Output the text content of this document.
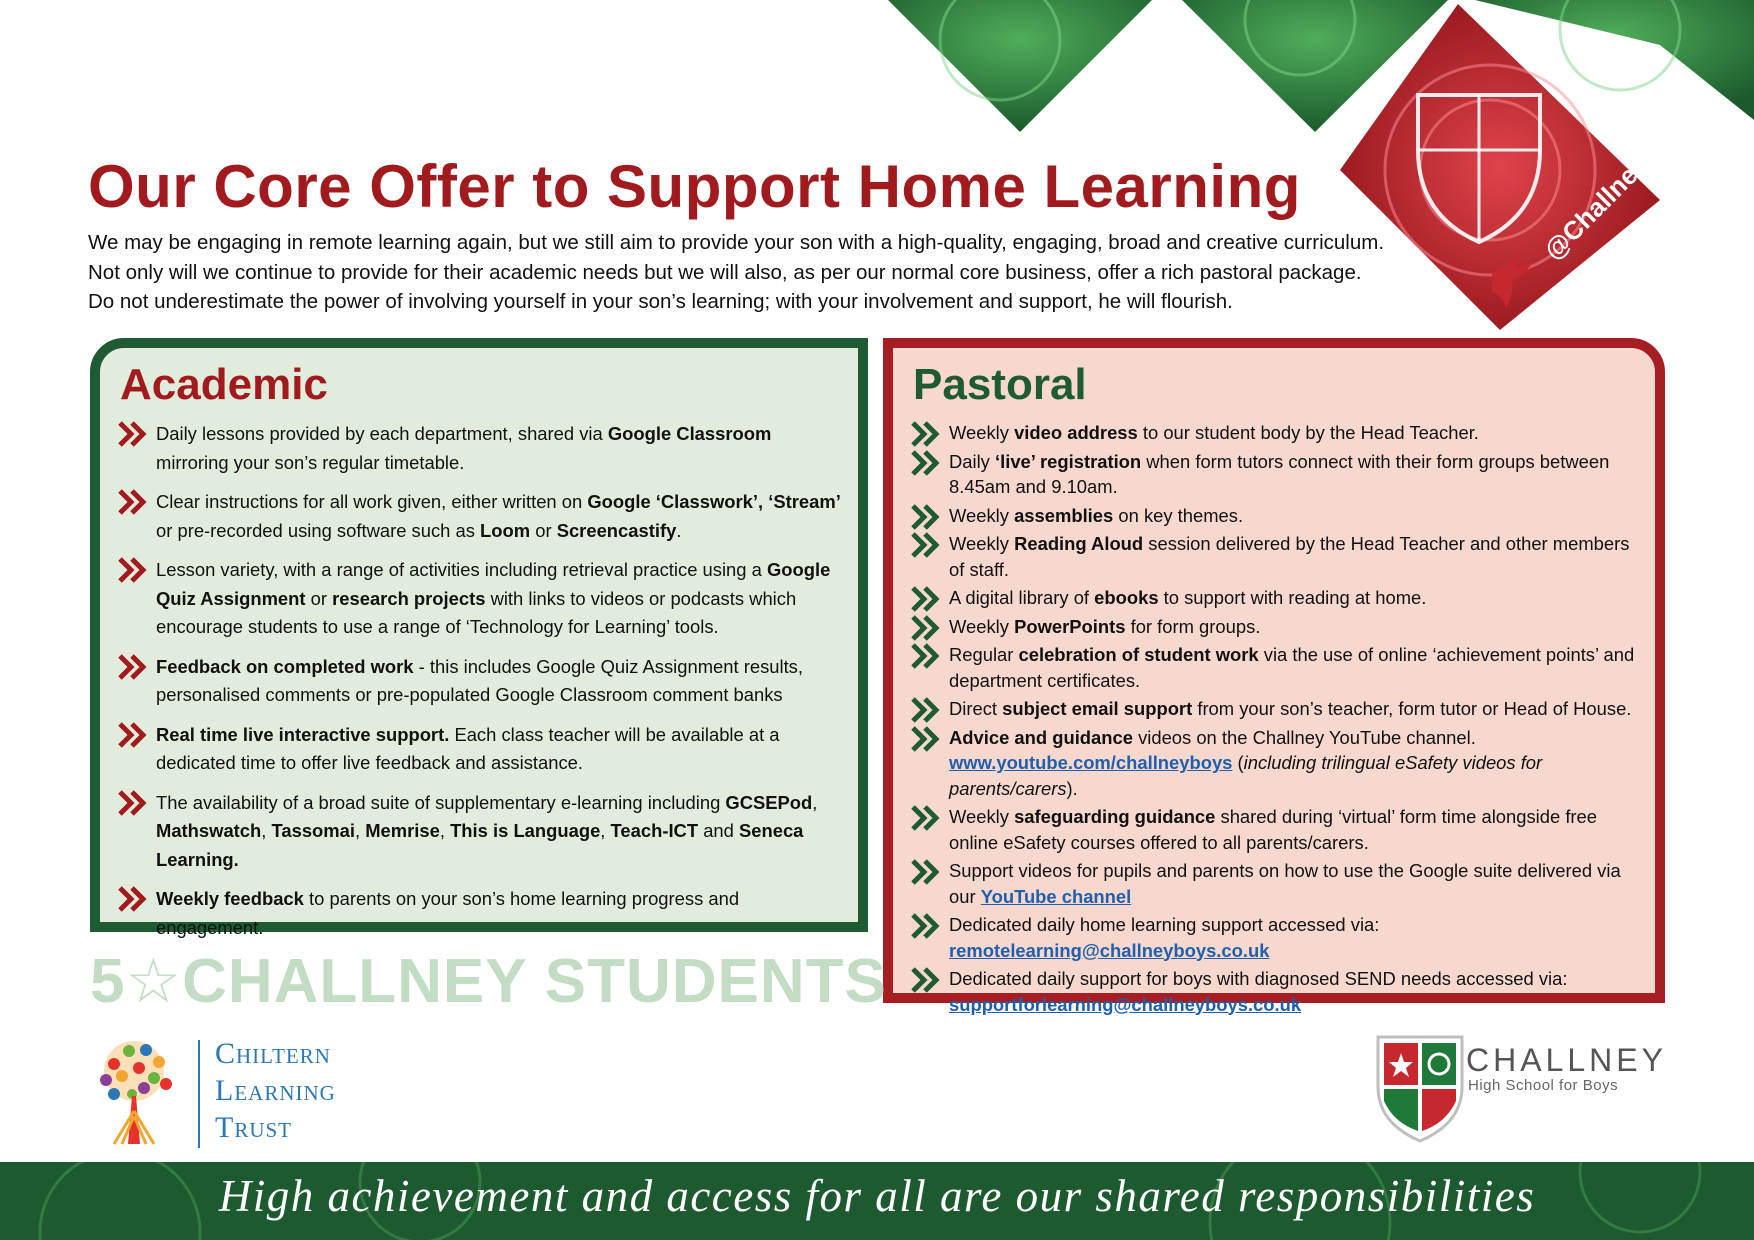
@ChallneyBoys
Our Core Offer to Support Home Learning

We may be engaging in remote learning again, but we still aim to provide your son with a high-quality, engaging, broad and creative curriculum.

Not only will we continue to provide for their academic needs but we will also, as per our normal core business, offer a rich pastoral package.

Do not underestimate the power of involving yourself in your son’s learning; with your involvement and support, he will flourish.

Academic
Daily lessons provided by each department, shared via Google Classroom mirroring your son’s regular timetable.
Clear instructions for all work given, either written on Google ‘Classwork’, ‘Stream’ or pre-recorded using software such as Loom or Screencastify.
Lesson variety, with a range of activities including retrieval practice using a Google Quiz Assignment or research projects with links to videos or podcasts which encourage students to use a range of ‘Technology for Learning’ tools.
Feedback on completed work - this includes Google Quiz Assignment results, personalised comments or pre-populated Google Classroom comment banks
Real time live interactive support. Each class teacher will be available at a dedicated time to offer live feedback and assistance.
The availability of a broad suite of supplementary e-learning including GCSEPod, Mathswatch, Tassomai, Memrise, This is Language, Teach-ICT and Seneca Learning.
Weekly feedback to parents on your son’s home learning progress and engagement.
Pastoral
Weekly video address to our student body by the Head Teacher.
Daily ‘live’ registration when form tutors connect with their form groups between 8.45am and 9.10am.
Weekly assemblies on key themes.
Weekly Reading Aloud session delivered by the Head Teacher and other members of staff.
A digital library of ebooks to support with reading at home.
Weekly PowerPoints for form groups.
Regular celebration of student work via the use of online ‘achievement points’ and department certificates.
Direct subject email support from your son’s teacher, form tutor or Head of House.
Advice and guidance videos on the Challney YouTube channel. www.youtube.com/challneyboys (including trilingual eSafety videos for parents/carers).
Weekly safeguarding guidance shared during ‘virtual’ form time alongside free online eSafety courses offered to all parents/carers.
Support videos for pupils and parents on how to use the Google suite delivered via our YouTube channel
Dedicated daily home learning support accessed via: remotelearning@challneyboys.co.uk
Dedicated daily support for boys with diagnosed SEND needs accessed via: supportforlearning@challneyboys.co.uk
5☆CHALLNEY STUDENTS
Chiltern
Learning
Trust
CHALLNEY
High School for Boys
High achievement and access for all are our shared responsibilities
